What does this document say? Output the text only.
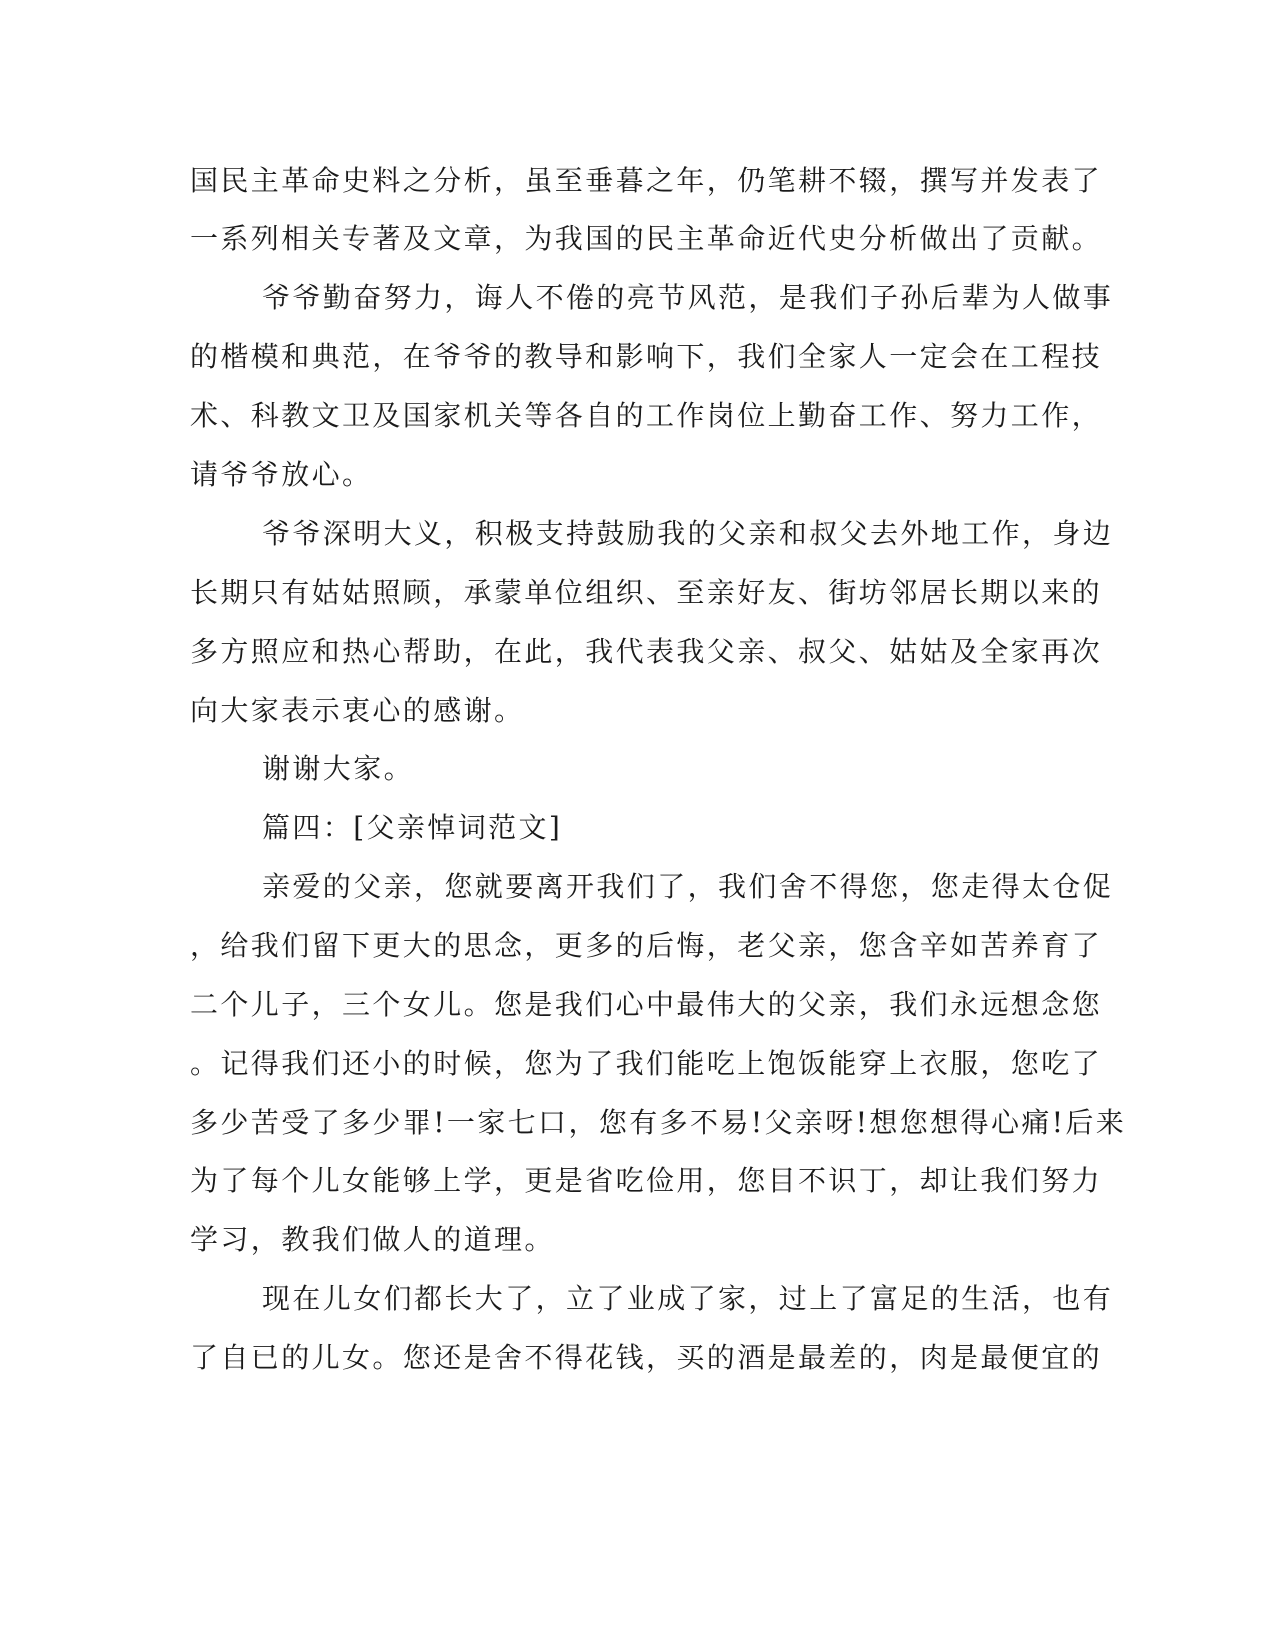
国民主革命史料之分析，虽至垂暮之年，仍笔耕不辍，撰写并发表了
一系列相关专著及文章，为我国的民主革命近代史分析做出了贡献。
爷爷勤奋努力，诲人不倦的亮节风范，是我们子孙后辈为人做事
的楷模和典范，在爷爷的教导和影响下，我们全家人一定会在工程技
术、科教文卫及国家机关等各自的工作岗位上勤奋工作、努力工作，
请爷爷放心。
爷爷深明大义，积极支持鼓励我的父亲和叔父去外地工作，身边
长期只有姑姑照顾，承蒙单位组织、至亲好友、街坊邻居长期以来的
多方照应和热心帮助，在此，我代表我父亲、叔父、姑姑及全家再次
向大家表示衷心的感谢。
谢谢大家。
篇四：[父亲悼词范文]
亲爱的父亲，您就要离开我们了，我们舍不得您，您走得太仓促
，给我们留下更大的思念，更多的后悔，老父亲，您含辛如苦养育了
二个儿子，三个女儿。您是我们心中最伟大的父亲，我们永远想念您
。记得我们还小的时候，您为了我们能吃上饱饭能穿上衣服，您吃了
多少苦受了多少罪!一家七口，您有多不易!父亲呀!想您想得心痛!后来
为了每个儿女能够上学，更是省吃俭用，您目不识丁，却让我们努力
学习，教我们做人的道理。
现在儿女们都长大了，立了业成了家，过上了富足的生活，也有
了自已的儿女。您还是舍不得花钱，买的酒是最差的，肉是最便宜的
